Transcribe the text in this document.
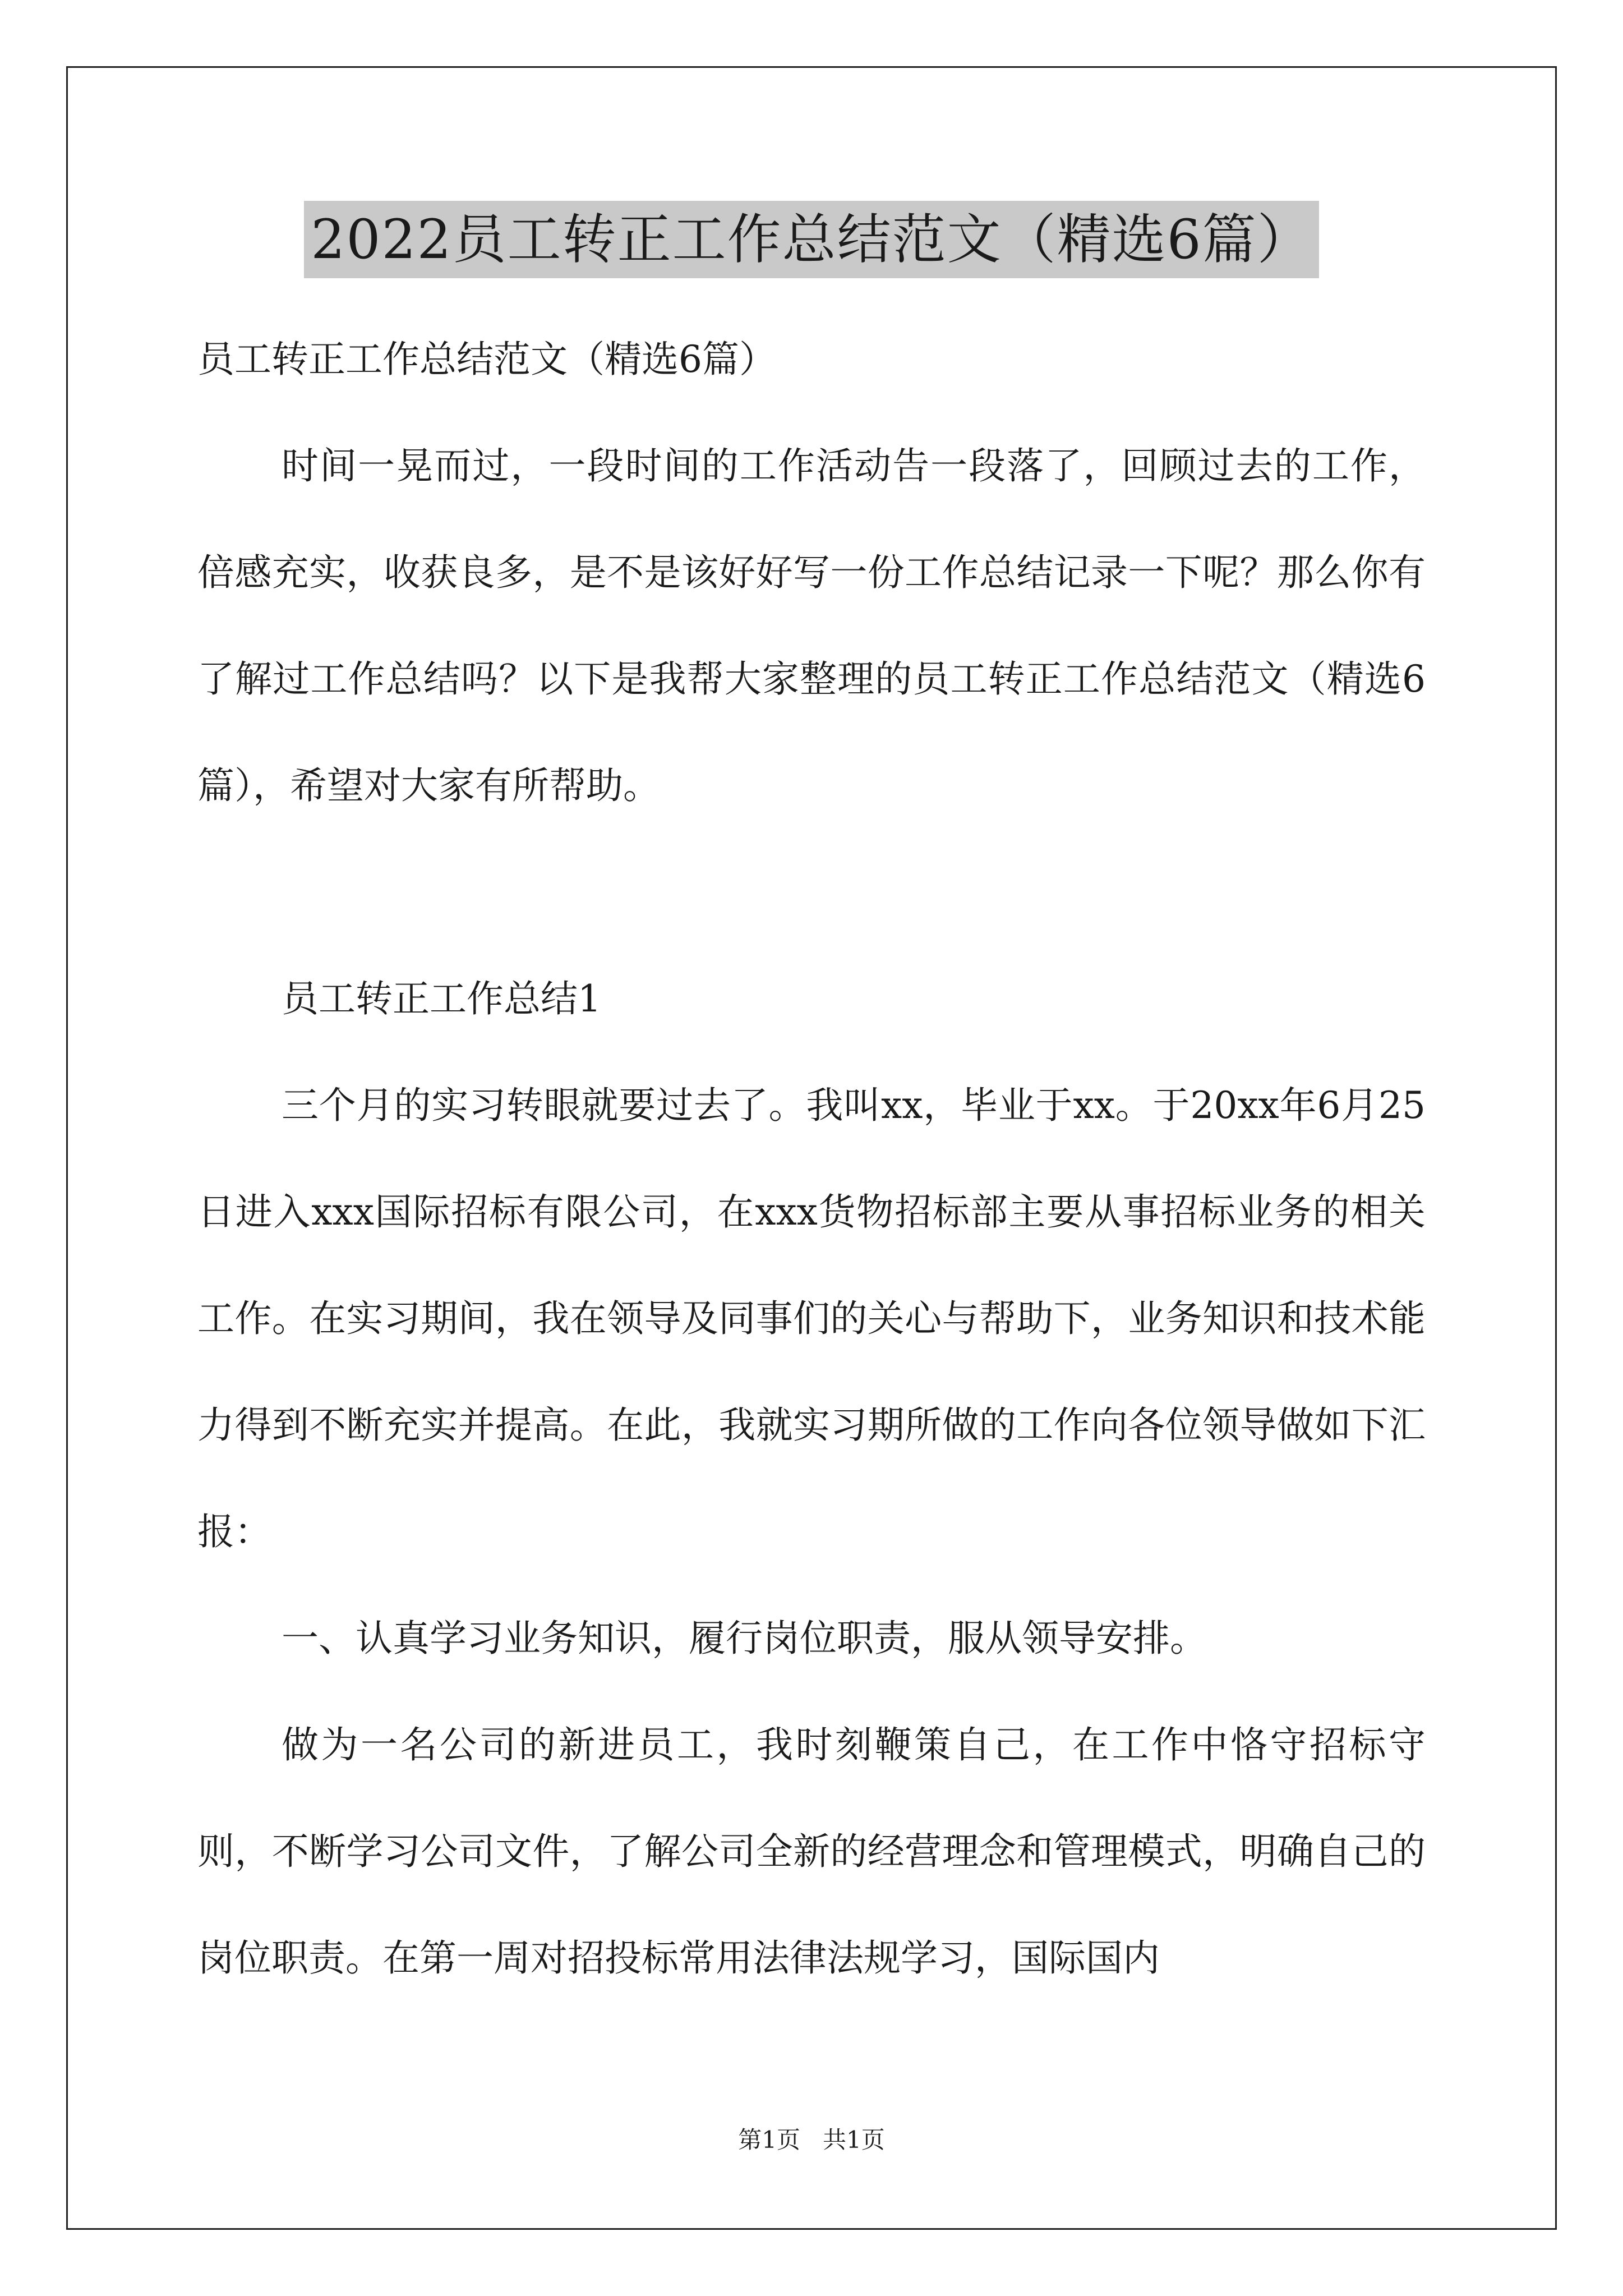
2022员工转正工作总结范文（精选6篇）

员工转正工作总结范文（精选6篇）

时间一晃而过，一段时间的工作活动告一段落了，回顾过去的工作，倍感充实，收获良多，是不是该好好写一份工作总结记录一下呢？那么你有了解过工作总结吗？以下是我帮大家整理的员工转正工作总结范文（精选6篇），希望对大家有所帮助。

员工转正工作总结1

三个月的实习转眼就要过去了。我叫xx，毕业于xx。于20xx年6月25日进入xxx国际招标有限公司，在xxx货物招标部主要从事招标业务的相关工作。在实习期间，我在领导及同事们的关心与帮助下，业务知识和技术能力得到不断充实并提高。在此，我就实习期所做的工作向各位领导做如下汇报：

一、认真学习业务知识，履行岗位职责，服从领导安排。

做为一名公司的新进员工，我时刻鞭策自己，在工作中恪守招标守则，不断学习公司文件，了解公司全新的经营理念和管理模式，明确自己的岗位职责。在第一周对招投标常用法律法规学习，国际国内

第1页   共1页
